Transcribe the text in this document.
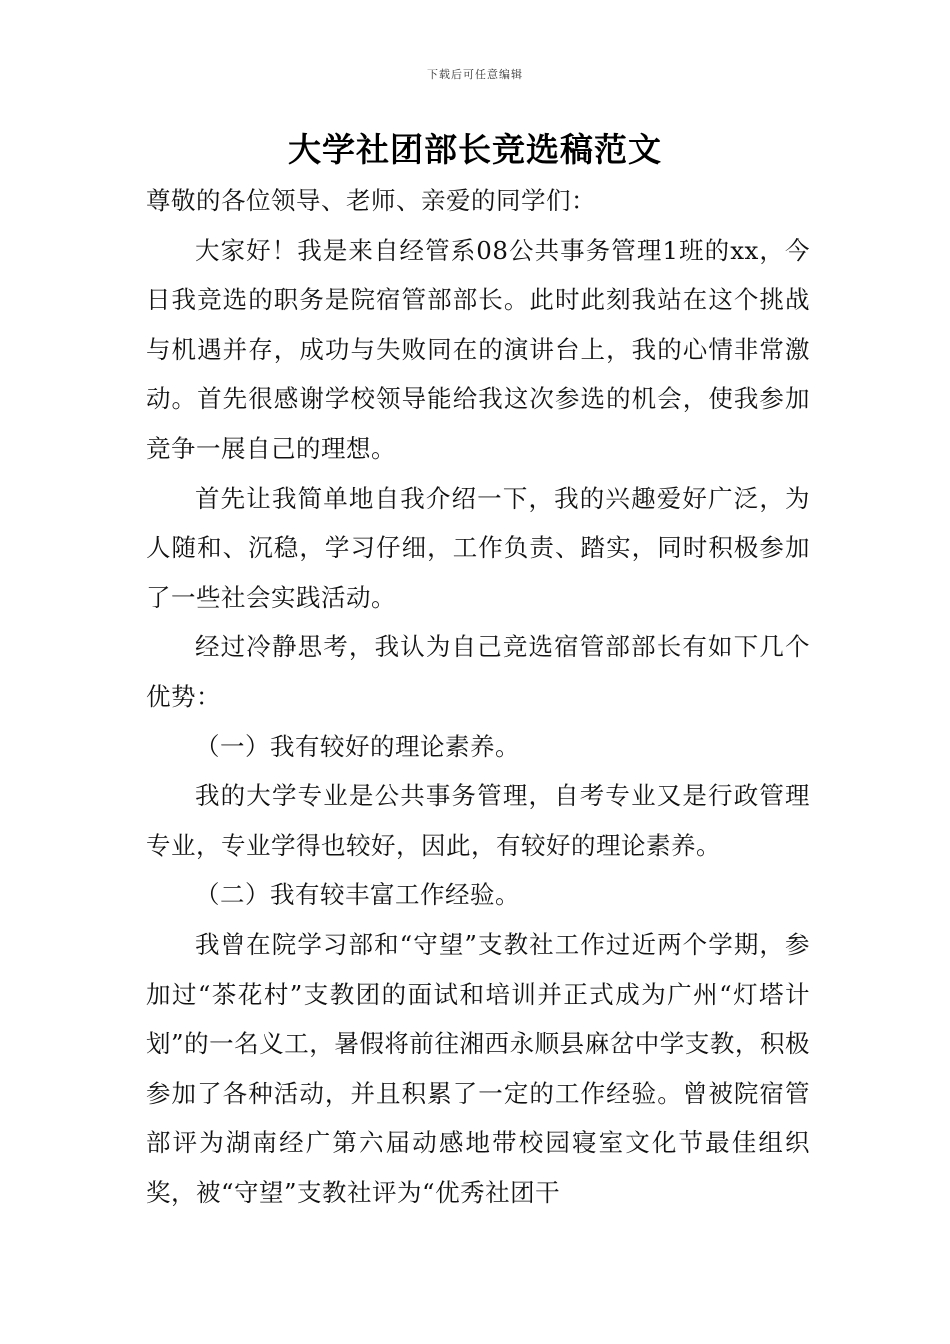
下载后可任意编辑
大学社团部长竞选稿范文

尊敬的各位领导、老师、亲爱的同学们：

大家好！我是来自经管系08公共事务管理1班的xx，今日我竞选的职务是院宿管部部长。此时此刻我站在这个挑战与机遇并存，成功与失败同在的演讲台上，我的心情非常激动。首先很感谢学校领导能给我这次参选的机会，使我参加竞争一展自己的理想。

首先让我简单地自我介绍一下，我的兴趣爱好广泛，为人随和、沉稳，学习仔细，工作负责、踏实，同时积极参加了一些社会实践活动。

经过冷静思考，我认为自己竞选宿管部部长有如下几个优势：

（一）我有较好的理论素养。

我的大学专业是公共事务管理，自考专业又是行政管理专业，专业学得也较好，因此，有较好的理论素养。

（二）我有较丰富工作经验。

我曾在院学习部和“守望”支教社工作过近两个学期，参加过“茶花村”支教团的面试和培训并正式成为广州“灯塔计划”的一名义工，暑假将前往湘西永顺县麻岔中学支教，积极参加了各种活动，并且积累了一定的工作经验。曾被院宿管部评为湖南经广第六届动感地带校园寝室文化节最佳组织奖，被“守望”支教社评为“优秀社团干
